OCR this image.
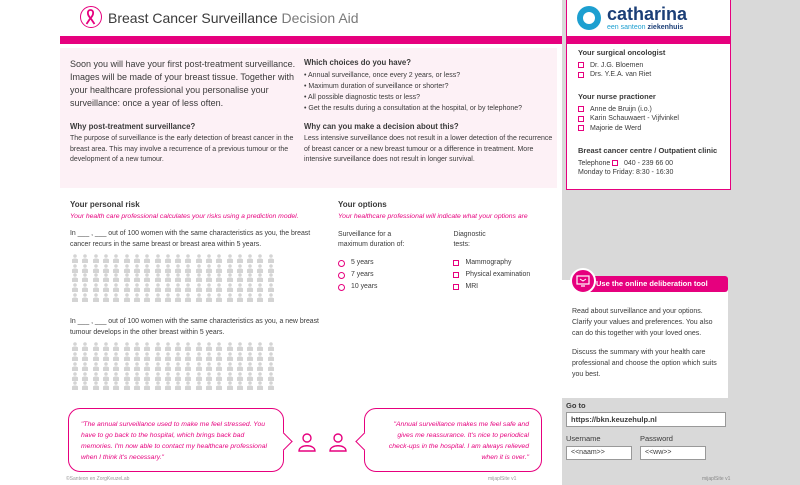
Breast Cancer Surveillance Decision Aid
Soon you will have your first post-treatment surveillance. Images will be made of your breast tissue. Together with your healthcare professional you personalise your surveillance: once a year of less often.
Why post-treatment surveillance?
The purpose of surveillance is the early detection of breast cancer in the breast area. This may involve a recurrence of a previous tumour or the development of a new tumour.
Which choices do you have?
• Annual surveillance, once every 2 years, or less?
• Maximum duration of surveillance or shorter?
• All possible diagnostic tests or less?
• Get the results during a consultation at the hospital, or by telephone?
Why can you make a decision about this?
Less intensive surveillance does not result in a lower detection of the recurrence of breast cancer or a new breast tumour or a difference in treatment. More intensive surveillance does not result in longer survival.
Your personal risk
Your health care professional calculates your risks using a prediction model.
In ___ , ___ out of 100 women with the same characteristics as you, the breast cancer recurs in the same breast or breast area within 5 years.
In ___ , ___ out of 100 women with the same characteristics as you, a new breast tumour develops in the other breast within 5 years.
Your options
Your healthcare professional will indicate what your options are
Surveillance for a maximum duration of:
5 years
7 years
10 years
Diagnostic tests:
Mammography
Physical examination
MRI
"The annual surveillance used to make me feel stressed. You have to go back to the hospital, which brings back bad memories. I'm now able to contact my healthcare professional when I think it's necessary."
"Annual surveillance makes me feel safe and gives me reassurance. It's nice to periodical check-ups in the hospital. I am always relieved when it is over."
©Santeon en ZorgKeuzeLab	mijaplSite v1
catharina
een santeon ziekenhuis
Your surgical oncologist
Dr. J.G. Bloemen
Drs. Y.E.A. van Riet
Your nurse practioner
Anne de Bruijn (i.o.)
Karin Schauwaert - Vijfvinkel
Majorie de Werd
Breast cancer centre / Outpatient clinic
Telephone 040 - 239 66 00
Monday to Friday: 8:30 - 16:30
Use the online deliberation tool
Read about surveillance and your options. Clarify your values and preferences. You also can do this together with your loved ones.
Discuss the summary with your health care professional and choose the option which suits you best.
Go to
https://bkn.keuzehulp.nl
Username	Password
<<naam>>	<<ww>>
mijaplSite v1
